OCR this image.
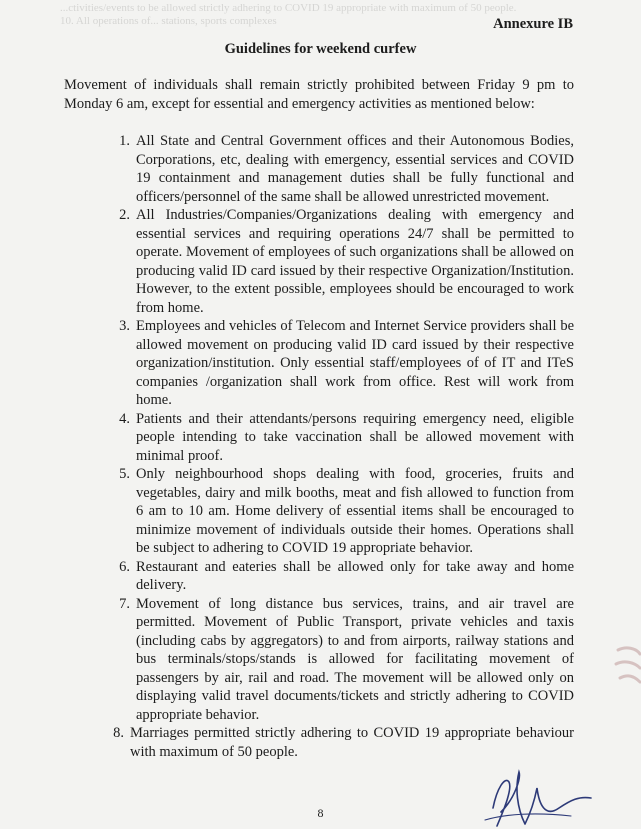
...ctivities/events to be allowed strictly adhering to COVID 19 appropriate with maximum of 50 people.
10. All operations of... stations, sports complexes	Annexure IB
Guidelines for weekend curfew

Movement of individuals shall remain strictly prohibited between Friday 9 pm to Monday 6 am, except for essential and emergency activities as mentioned below:

1. All State and Central Government offices and their Autonomous Bodies, Corporations, etc, dealing with emergency, essential services and COVID 19 containment and management duties shall be fully functional and officers/personnel of the same shall be allowed unrestricted movement.
2. All Industries/Companies/Organizations dealing with emergency and essential services and requiring operations 24/7 shall be permitted to operate. Movement of employees of such organizations shall be allowed on producing valid ID card issued by their respective Organization/Institution. However, to the extent possible, employees should be encouraged to work from home.
3. Employees and vehicles of Telecom and Internet Service providers shall be allowed movement on producing valid ID card issued by their respective organization/institution. Only essential staff/employees of of IT and ITeS companies /organization shall work from office. Rest will work from home.
4. Patients and their attendants/persons requiring emergency need, eligible people intending to take vaccination shall be allowed movement with minimal proof.
5. Only neighbourhood shops dealing with food, groceries, fruits and vegetables, dairy and milk booths, meat and fish allowed to function from 6 am to 10 am. Home delivery of essential items shall be encouraged to minimize movement of individuals outside their homes. Operations shall be subject to adhering to COVID 19 appropriate behavior.
6. Restaurant and eateries shall be allowed only for take away and home delivery.
7. Movement of long distance bus services, trains, and air travel are permitted. Movement of Public Transport, private vehicles and taxis (including cabs by aggregators) to and from airports, railway stations and bus terminals/stops/stands is allowed for facilitating movement of passengers by air, rail and road. The movement will be allowed only on displaying valid travel documents/tickets and strictly adhering to COVID appropriate behavior.
8. Marriages permitted strictly adhering to COVID 19 appropriate behaviour with maximum of 50 people.
8
